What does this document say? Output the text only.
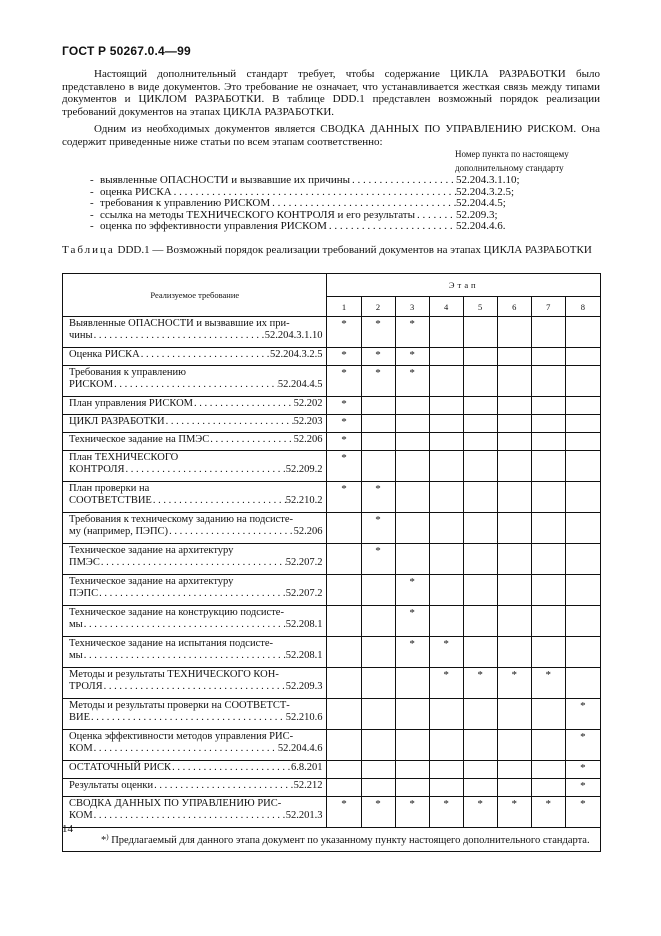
ГОСТ Р 50267.0.4—99

Настоящий дополнительный стандарт требует, чтобы содержание ЦИКЛА РАЗРАБОТКИ было представлено в виде документов. Это требование не означает, что устанавливается жесткая связь между типами документов и ЦИКЛОМ РАЗРАБОТКИ. В таблице DDD.1 представлен возможный порядок реализации требований документов на этапах ЦИКЛА РАЗРАБОТКИ.

Одним из необходимых документов является СВОДКА ДАННЫХ ПО УПРАВЛЕНИЮ РИСКОМ. Она содержит приведенные ниже статьи по всем этапам соответственно:

Номер пункта по настоящему
дополнительному стандарту
- выявленные ОПАСНОСТИ и вызвавшие их причины . . .	52.204.3.1.10;
- оценка РИСКА . . .	52.204.3.2.5;
- требования к управлению РИСКОМ . . .	52.204.4.5;
- ссылка на методы ТЕХНИЧЕСКОГО КОНТРОЛЯ и его результаты . . .	52.209.3;
- оценка по эффективности управления РИСКОМ . . .	52.204.4.6.
Таблица DDD.1 — Возможный порядок реализации требований документов на этапах ЦИКЛА РАЗРАБОТКИ
Реализуемое требование	Этап							
	1	2	3	4	5	6	7	8

Выявленные ОПАСНОСТИ и вызвавшие их при-
чины . . . 52.204.3.1.10	*	*	*					

Оценка РИСКА . . . 52.204.3.2.5	*	*	*					

Требования к управлению
РИСКОМ . . . 52.204.4.5	*	*	*					

План управления РИСКОМ . . . 52.202	*							

ЦИКЛ РАЗРАБОТКИ . . . 52.203	*							

Техническое задание на ПМЭС . . . 52.206	*							

План ТЕХНИЧЕСКОГО
КОНТРОЛЯ . . . 52.209.2	*							

План проверки на
СООТВЕТСТВИЕ . . . 52.210.2	*	*						

Требования к техническому заданию на подсисте-
му (например, ПЭПС) . . . 52.206		*						

Техническое задание на архитектуру
ПМЭС . . . 52.207.2		*						

Техническое задание на архитектуру
ПЭПС . . . 52.207.2			*					

Техническое задание на конструкцию подсисте-
мы . . . 52.208.1			*					

Техническое задание на испытания подсисте-
мы . . . 52.208.1			*	*				

Методы и результаты ТЕХНИЧЕСКОГО КОН-
ТРОЛЯ . . . 52.209.3				*	*	*	*	

Методы и результаты проверки на СООТВЕТСТ-
ВИЕ . . . 52.210.6								*

Оценка эффективности методов управления РИС-
КОМ . . . 52.204.4.6								*

ОСТАТОЧНЫЙ РИСК . . . 6.8.201								*

Результаты оценки . . . 52.212								*

СВОДКА ДАННЫХ ПО УПРАВЛЕНИЮ РИС-
КОМ . . . 52.201.3	*	*	*	*	*	*	*	*

*) Предлагаемый для данного этапа документ по указанному пункту настоящего дополнительного стандарта.								

14
